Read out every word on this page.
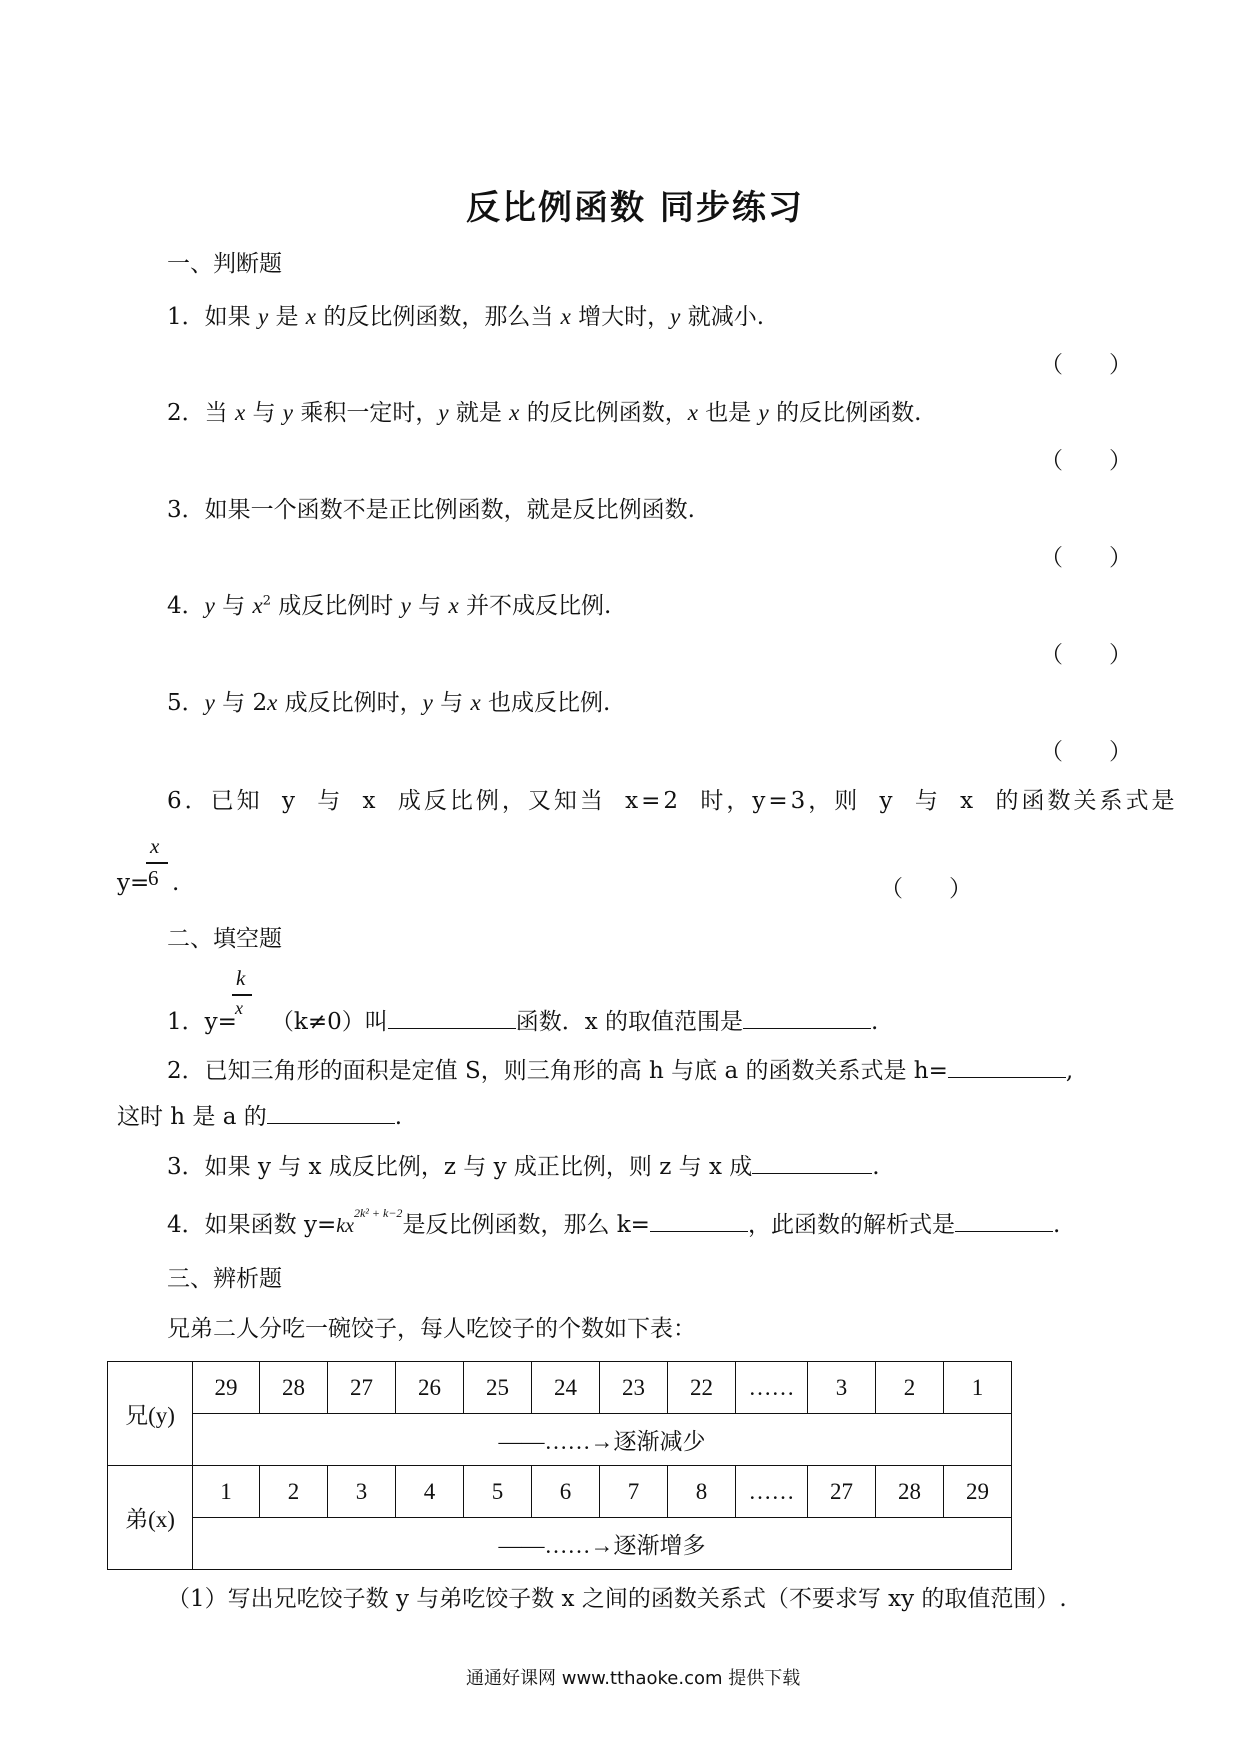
反比例函数 同步练习
一、判断题
1．如果 y 是 x 的反比例函数，那么当 x 增大时，y 就减小.
（　　）
2．当 x 与 y 乘积一定时，y 就是 x 的反比例函数，x 也是 y 的反比例函数.
（　　）
3．如果一个函数不是正比例函数，就是反比例函数.
（　　）
4．y 与 $x^2$ 成反比例时 y 与 x 并不成反比例.
（　　）
5．y 与 2x 成反比例时，y 与 x 也成反比例.
（　　）
6．已知 y 与 x 成反比例，又知当 x=2 时，y=3，则 y 与 x 的函数关系式是
x
6
y= .	（　　）
二、填空题
k
x
1．y= （k≠0）叫	函数．x 的取值范围是	.
2．已知三角形的面积是定值 S，则三角形的高 h 与底 a 的函数关系式是 h=	,
这时 h 是 a 的	.
3．如果 y 与 x 成反比例，z 与 y 成正比例，则 z 与 x 成	.
4．如果函数 $y=kx^{2k^2 + k-2}$是反比例函数，那么 k=	，此函数的解析式是	.
三、辨析题
兄弟二人分吃一碗饺子，每人吃饺子的个数如下表：
兄(y)	29	28	27	26	25	24	23	22	……	3	2	1
	——……→逐渐减少											
弟(x)	1	2	3	4	5	6	7	8	……	27	28	29
	——……→逐渐增多											
（1）写出兄吃饺子数 y 与弟吃饺子数 x 之间的函数关系式（不要求写 xy 的取值范围）.
通通好课网 www.tthaoke.com 提供下载
